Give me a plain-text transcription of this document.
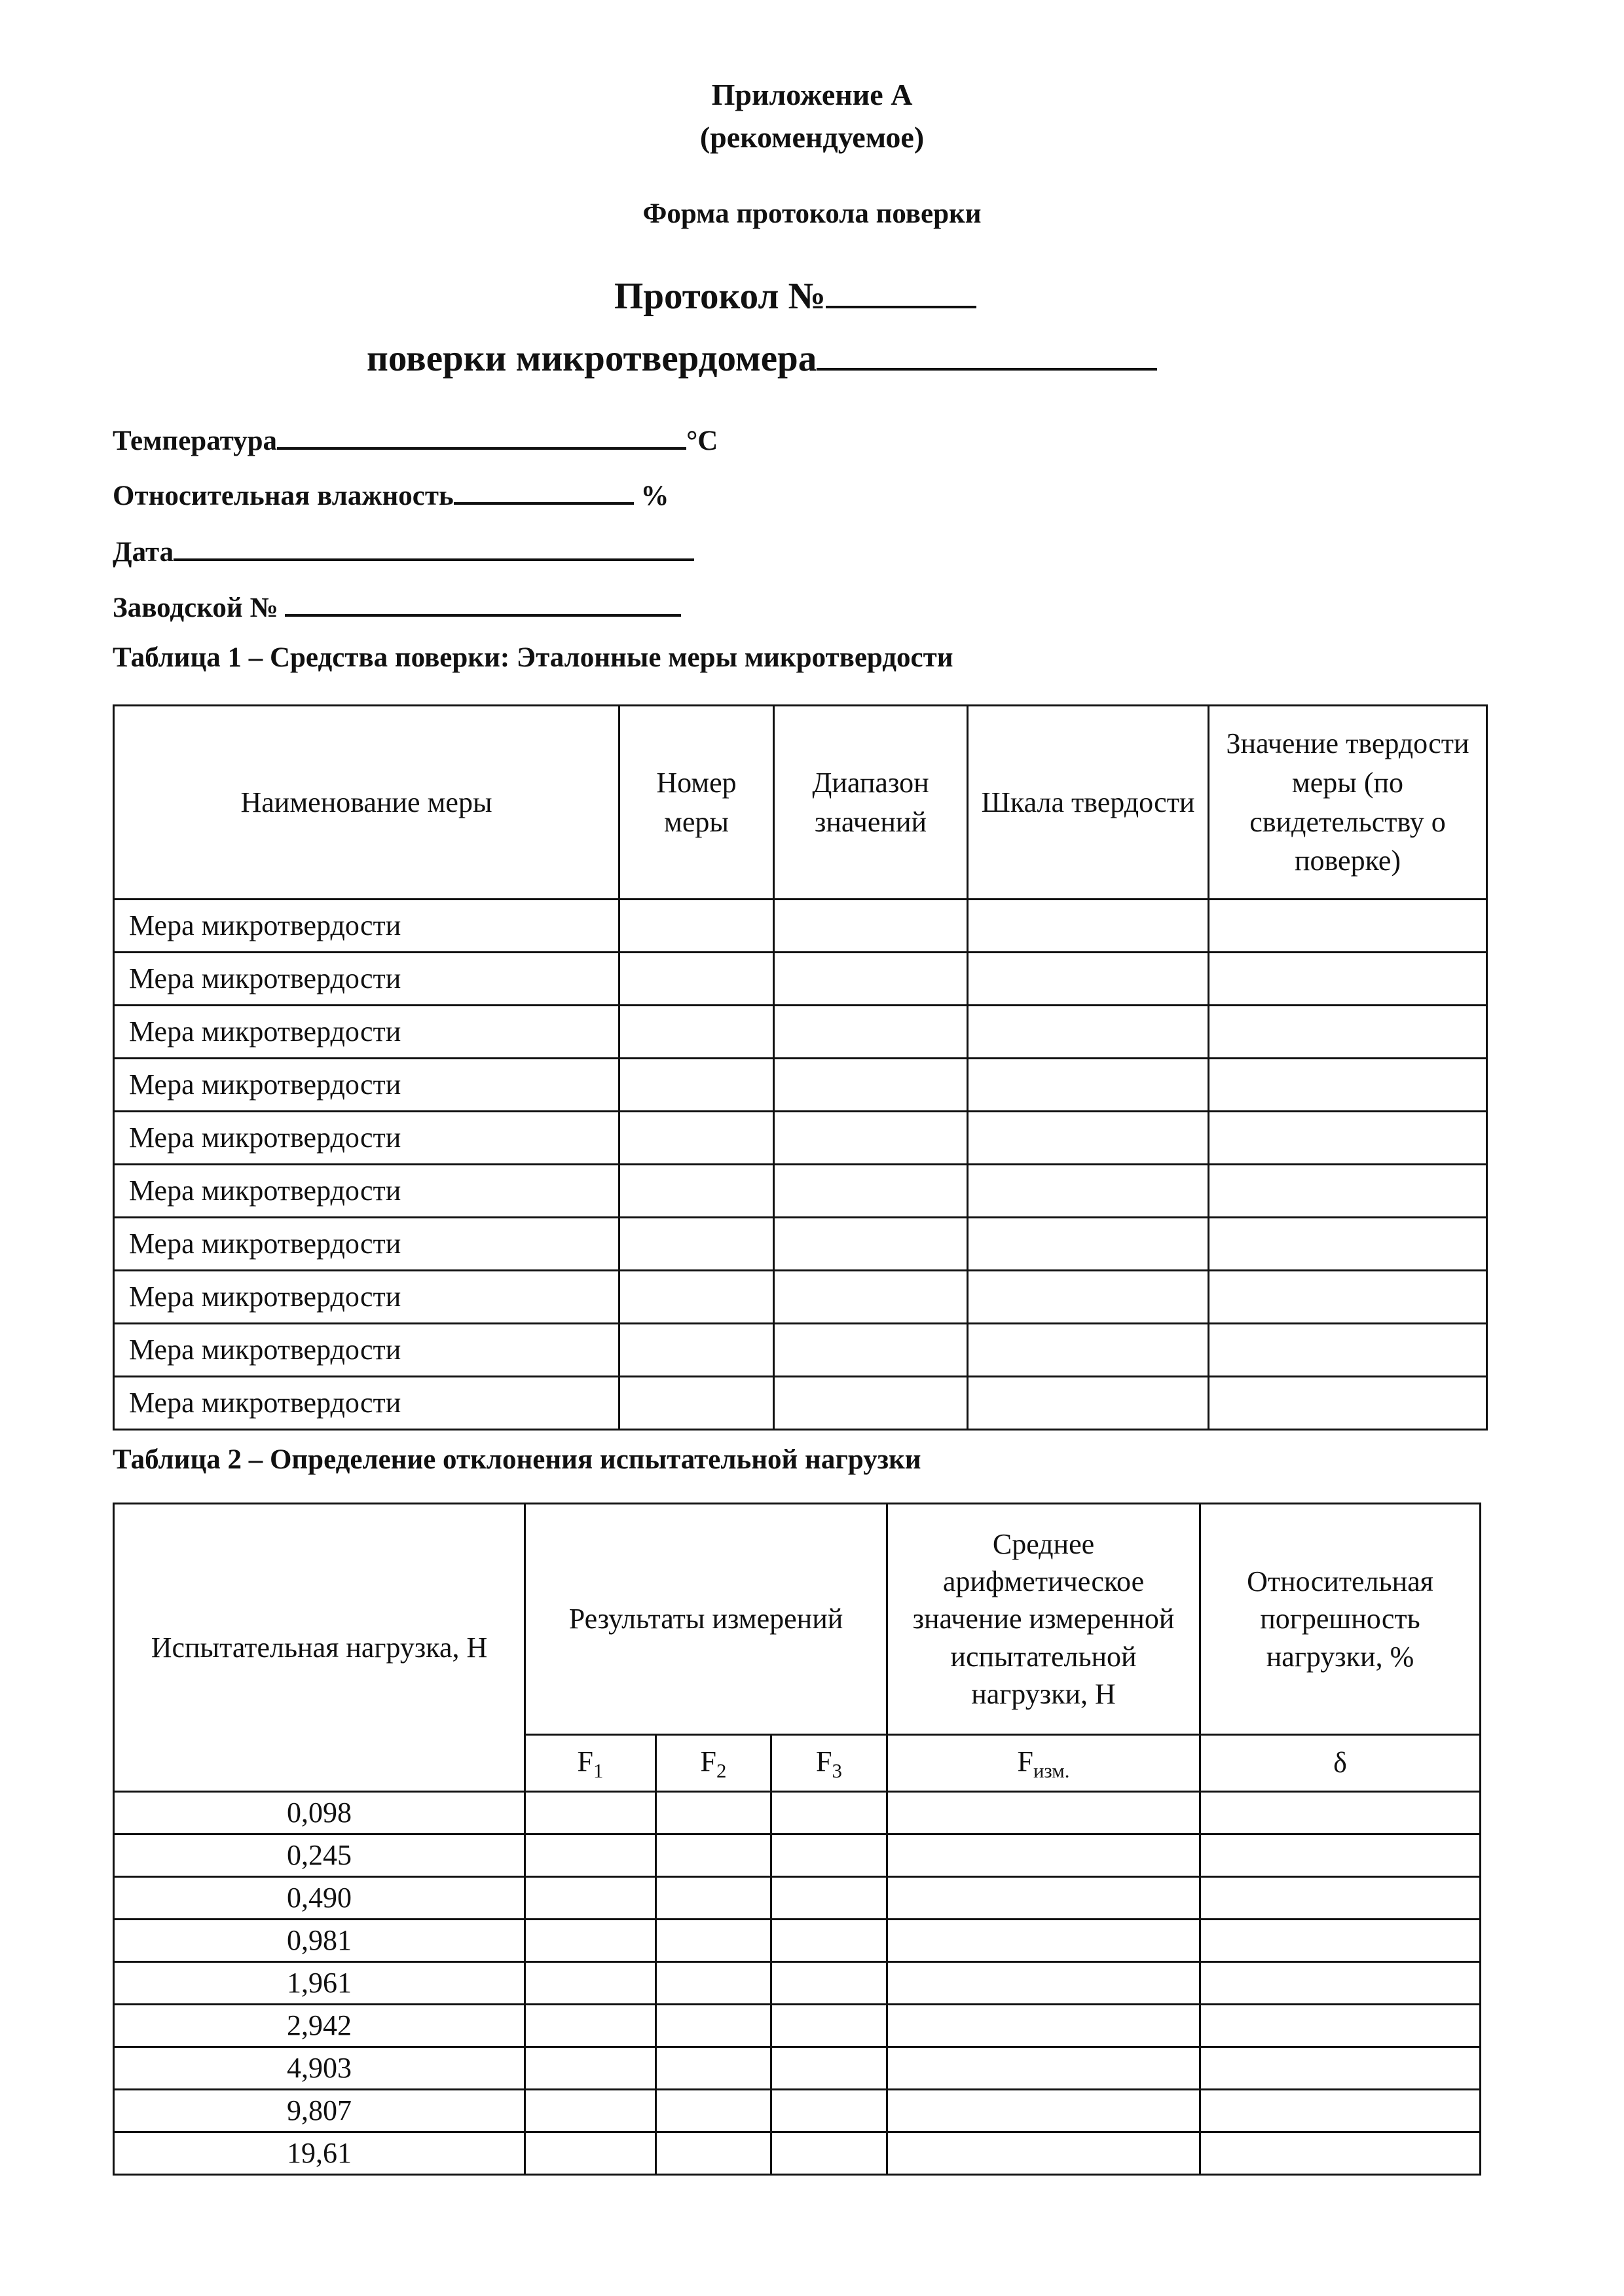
Приложение А
(рекомендуемое)
Форма протокола поверки
Протокол №
поверки микротвердомера
Температура	°С
Относительная влажность	%
Дата
Заводской №
Таблица 1 – Средства поверки: Эталонные меры микротвердости
Наименование меры	Номер меры	Диапазон значений	Шкала твердости	Значение твердости меры (по свидетельству о поверке)
Мера микротвердости				
Мера микротвердости				
Мера микротвердости				
Мера микротвердости				
Мера микротвердости				
Мера микротвердости				
Мера микротвердости				
Мера микротвердости				
Мера микротвердости				
Мера микротвердости				
Таблица 2 – Определение отклонения испытательной нагрузки
Испытательная нагрузка, Н	Результаты измерений			Среднее арифметическое значение измеренной испытательной нагрузки, Н	Относительная погрешность нагрузки, %
	$F_1$	$F_2$	$F_3$	$F_{изм.}$	δ
0,098					
0,245					
0,490					
0,981					
1,961					
2,942					
4,903					
9,807					
19,61					
